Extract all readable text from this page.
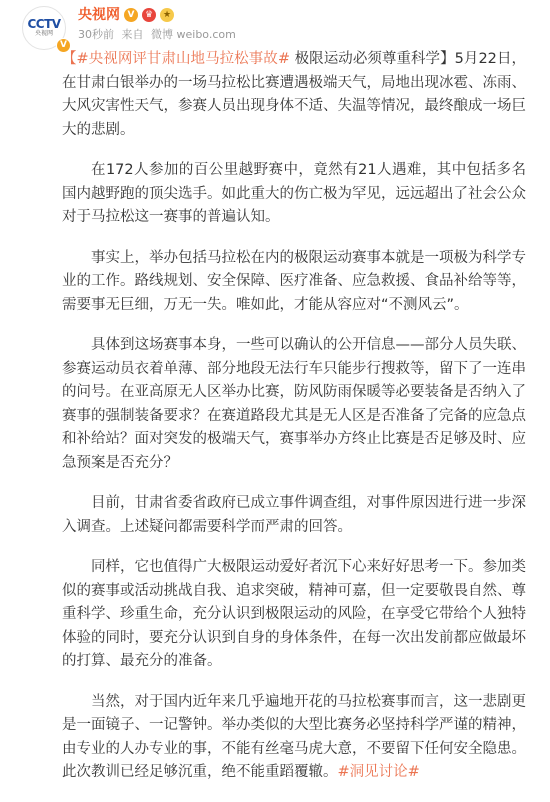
CCTV
央视网
V
央视网 V	♛	★
30秒前 来自 微博 weibo.com

【#央视网评甘肃山地马拉松事故# 极限运动必须尊重科学】5月22日，在甘肃白银举办的一场马拉松比赛遭遇极端天气，局地出现冰雹、冻雨、大风灾害性天气，参赛人员出现身体不适、失温等情况，最终酿成一场巨大的悲剧。

在172人参加的百公里越野赛中，竟然有21人遇难，其中包括多名国内越野跑的顶尖选手。如此重大的伤亡极为罕见，远远超出了社会公众对于马拉松这一赛事的普遍认知。

事实上，举办包括马拉松在内的极限运动赛事本就是一项极为科学专业的工作。路线规划、安全保障、医疗准备、应急救援、食品补给等等，需要事无巨细，万无一失。唯如此，才能从容应对“不测风云”。

具体到这场赛事本身，一些可以确认的公开信息——部分人员失联、参赛运动员衣着单薄、部分地段无法行车只能步行搜救等，留下了一连串的问号。在亚高原无人区举办比赛，防风防雨保暖等必要装备是否纳入了赛事的强制装备要求？在赛道路段尤其是无人区是否准备了完备的应急点和补给站？面对突发的极端天气，赛事举办方终止比赛是否足够及时、应急预案是否充分？

目前，甘肃省委省政府已成立事件调查组，对事件原因进行进一步深入调查。上述疑问都需要科学而严肃的回答。

同样，它也值得广大极限运动爱好者沉下心来好好思考一下。参加类似的赛事或活动挑战自我、追求突破，精神可嘉，但一定要敬畏自然、尊重科学、珍重生命，充分认识到极限运动的风险，在享受它带给个人独特体验的同时，要充分认识到自身的身体条件，在每一次出发前都应做最坏的打算、最充分的准备。

当然，对于国内近年来几乎遍地开花的马拉松赛事而言，这一悲剧更是一面镜子、一记警钟。举办类似的大型比赛务必坚持科学严谨的精神，由专业的人办专业的事，不能有丝毫马虎大意，不要留下任何安全隐患。此次教训已经足够沉重，绝不能重蹈覆辙。#洞见讨论#
